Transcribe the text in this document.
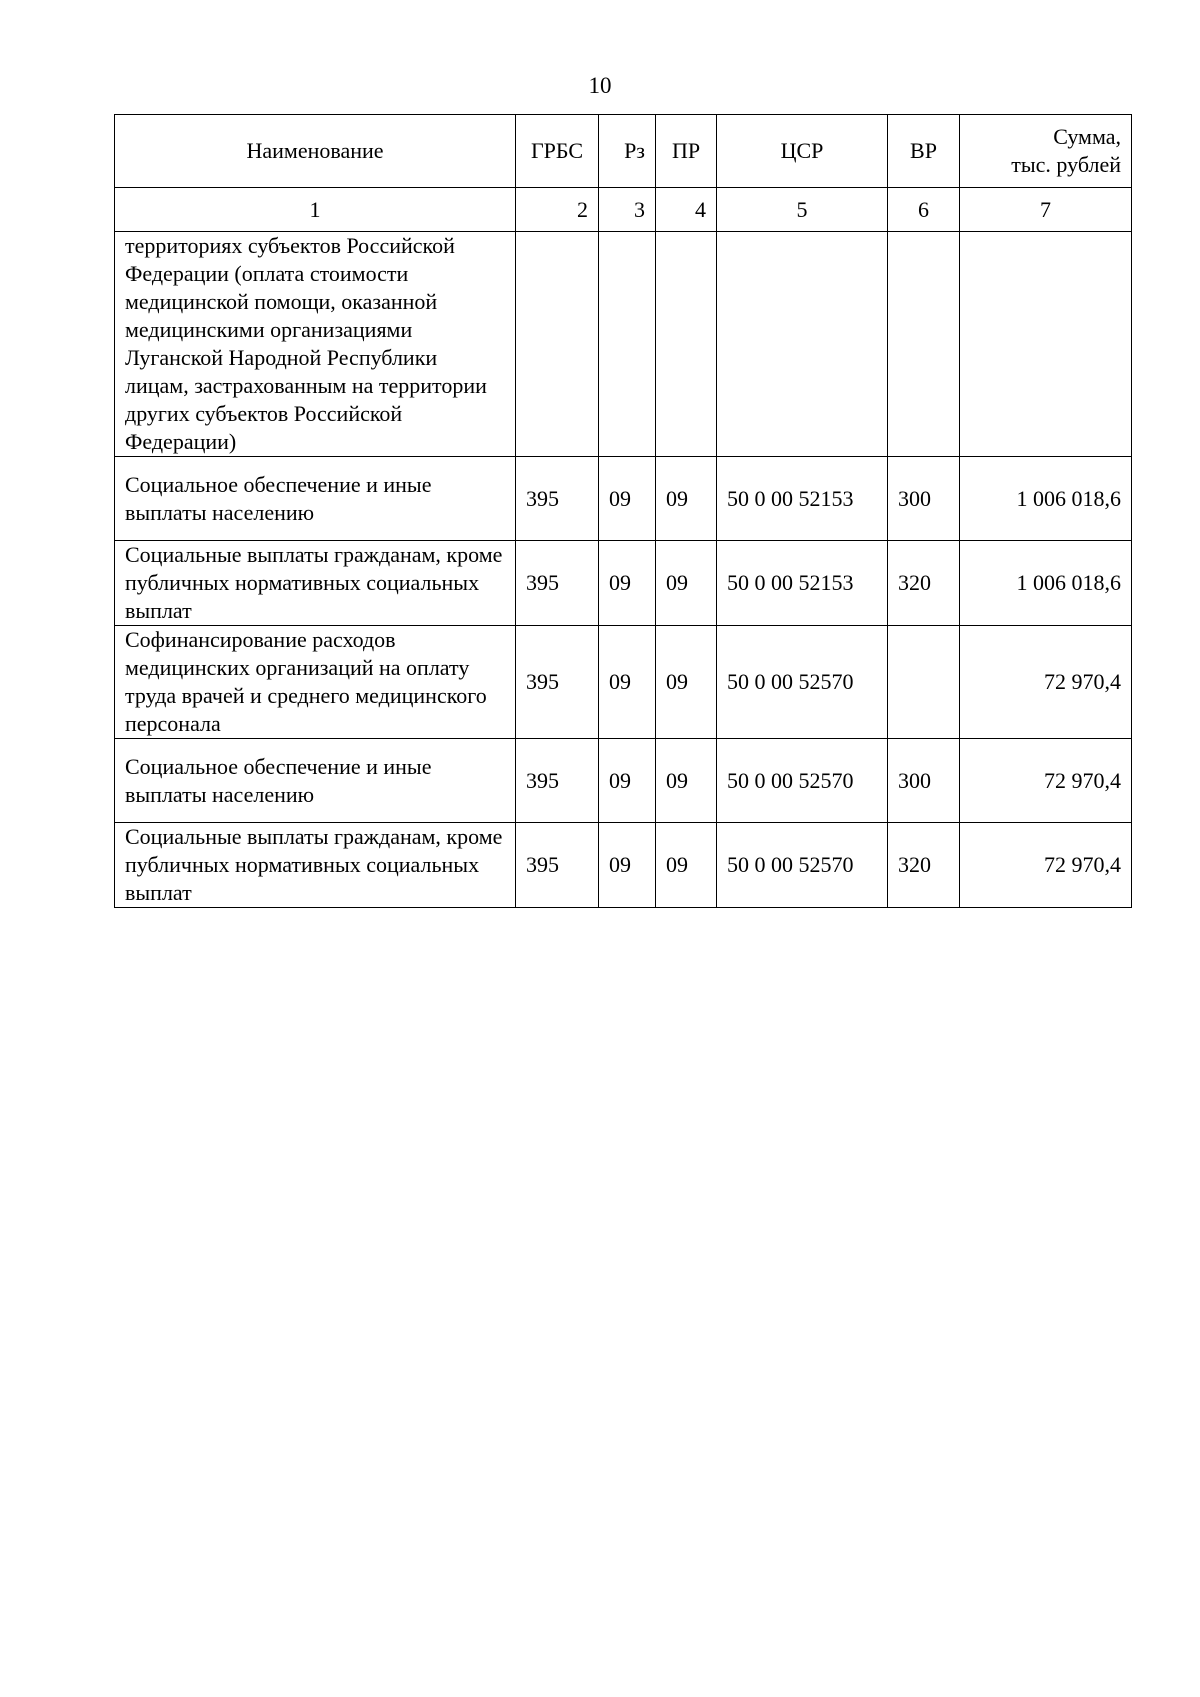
10
Наименование	ГРБС	Рз	ПР	ЦСР	ВР	Сумма,
тыс. рублей
1	2	3	4	5	6	7
территориях субъектов Российской Федерации (оплата стоимости медицинской помощи, оказанной медицинскими организациями Луганской Народной Республики лицам, застрахованным на территории других субъектов Российской Федерации)						
Социальное обеспечение и иные выплаты населению	395	09	09	50 0 00 52153	300	1 006 018,6
Социальные выплаты гражданам, кроме публичных нормативных социальных выплат	395	09	09	50 0 00 52153	320	1 006 018,6
Софинансирование расходов медицинских организаций на оплату труда врачей и среднего медицинского персонала	395	09	09	50 0 00 52570		72 970,4
Социальное обеспечение и иные выплаты населению	395	09	09	50 0 00 52570	300	72 970,4
Социальные выплаты гражданам, кроме публичных нормативных социальных выплат	395	09	09	50 0 00 52570	320	72 970,4
